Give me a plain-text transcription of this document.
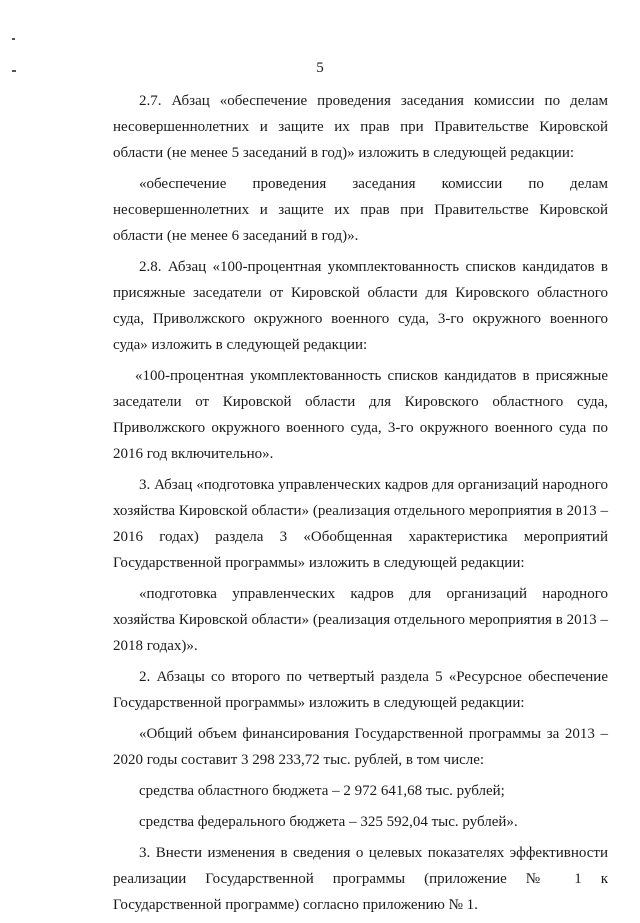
5

2.7. Абзац «обеспечение проведения заседания комиссии по делам несовершеннолетних и защите их прав при Правительстве Кировской области (не менее 5 заседаний в год)» изложить в следующей редакции:

«обеспечение проведения заседания комиссии по делам несовершеннолетних и защите их прав при Правительстве Кировской области (не менее 6 заседаний в год)».

2.8. Абзац «100-процентная укомплектованность списков кандидатов в присяжные заседатели от Кировской области для Кировского областного суда, Приволжского окружного военного суда, 3-го окружного военного суда» изложить в следующей редакции:

«100-процентная укомплектованность списков кандидатов в присяжные заседатели от Кировской области для Кировского областного суда, Приволжского окружного военного суда, 3-го окружного военного суда по 2016 год включительно».

3. Абзац «подготовка управленческих кадров для организаций народного хозяйства Кировской области» (реализация отдельного мероприятия в 2013 – 2016 годах) раздела 3 «Обобщенная характеристика мероприятий Государственной программы» изложить в следующей редакции:

«подготовка управленческих кадров для организаций народного хозяйства Кировской области» (реализация отдельного мероприятия в 2013 – 2018 годах)».

2. Абзацы со второго по четвертый раздела 5 «Ресурсное обеспечение Государственной программы» изложить в следующей редакции:

«Общий объем финансирования Государственной программы за 2013 – 2020 годы составит 3 298 233,72 тыс. рублей, в том числе:

средства областного бюджета – 2 972 641,68 тыс. рублей;

средства федерального бюджета – 325 592,04 тыс. рублей».

3. Внести изменения в сведения о целевых показателях эффективности реализации Государственной программы (приложение № 1 к Государственной программе) согласно приложению № 1.
